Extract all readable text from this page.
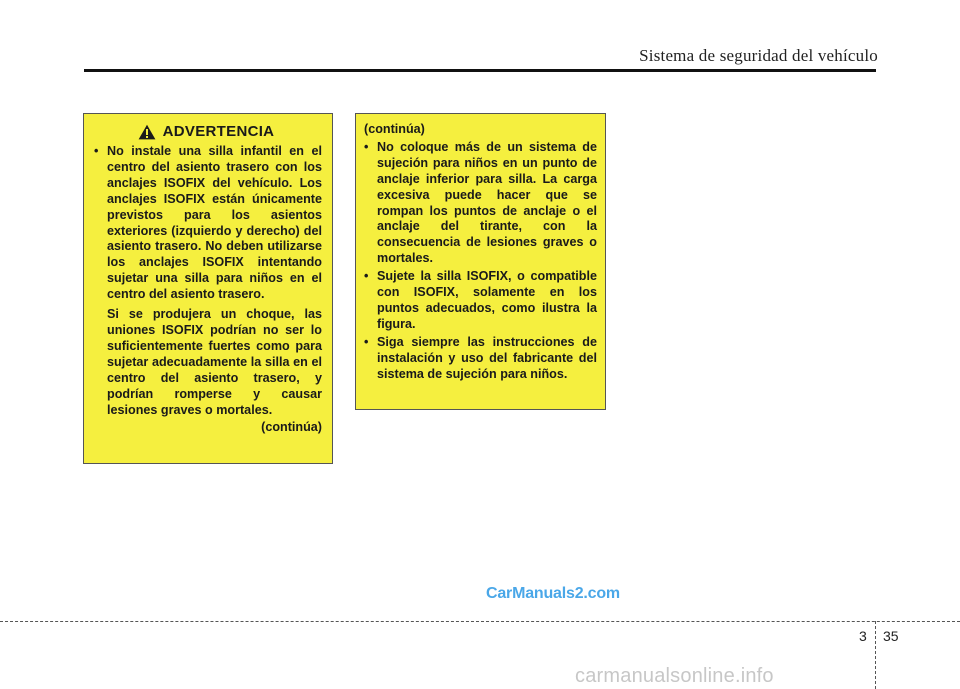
Sistema de seguridad del vehículo
ADVERTENCIA
• No instale una silla infantil en el centro del asiento trasero con los anclajes ISOFIX del vehículo. Los anclajes ISOFIX están únicamente previstos para los asientos exteriores (izquierdo y derecho) del asiento trasero. No deben utilizarse los anclajes ISOFIX intentando sujetar una silla para niños en el centro del asiento trasero.
Si se produjera un choque, las uniones ISOFIX podrían no ser lo suficientemente fuertes como para sujetar adecuadamente la silla en el centro del asiento trasero, y podrían romperse y causar lesiones graves o mortales.
(continúa)
(continúa)
• No coloque más de un sistema de sujeción para niños en un punto de anclaje inferior para silla. La carga excesiva puede hacer que se rompan los puntos de anclaje o el anclaje del tirante, con la consecuencia de lesiones graves o mortales.
• Sujete la silla ISOFIX, o compatible con ISOFIX, solamente en los puntos adecuados, como ilustra la figura.
• Siga siempre las instrucciones de instalación y uso del fabricante del sistema de sujeción para niños.
CarManuals2.com
3 35
carmanualsonline.info
